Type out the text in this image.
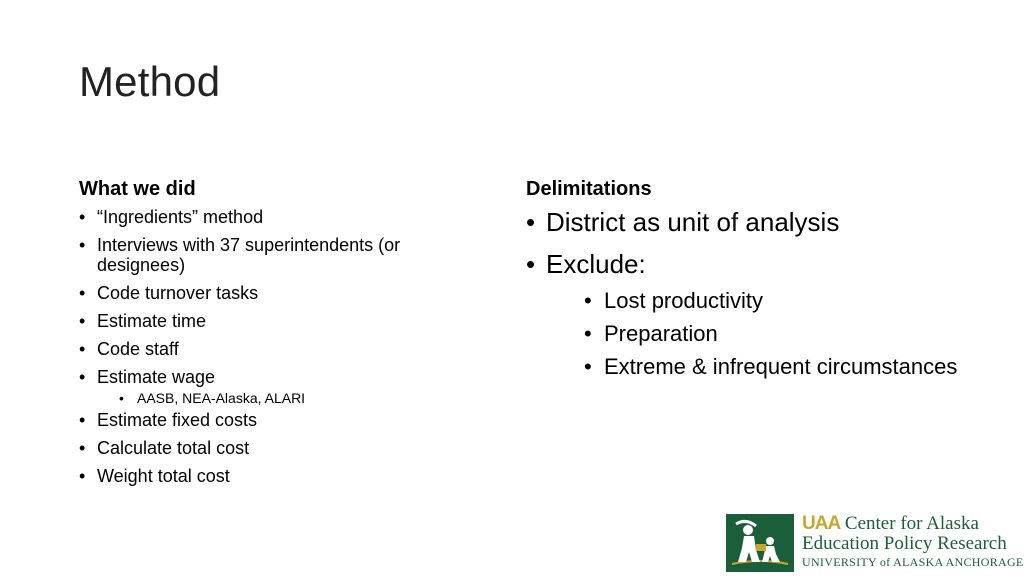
Method
What we did
• “Ingredients” method
• Interviews with 37 superintendents (or designees)
• Code turnover tasks
• Estimate time
• Code staff
• Estimate wage
• AASB, NEA-Alaska, ALARI
• Estimate fixed costs
• Calculate total cost
• Weight total cost
Delimitations
• District as unit of analysis
• Exclude:
• Lost productivity
• Preparation
• Extreme & infrequent circumstances
UAA Center for Alaska
Education Policy Research
UNIVERSITY of ALASKA ANCHORAGE
